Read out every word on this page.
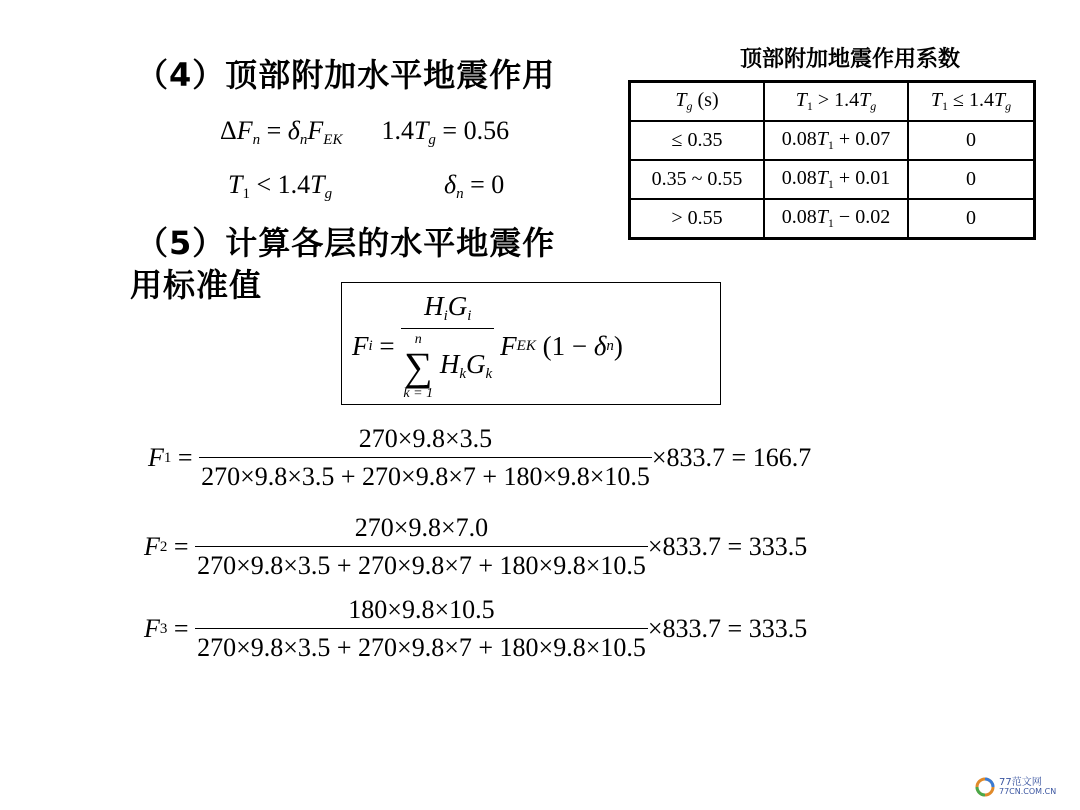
（4）顶部附加水平地震作用
$\Delta F_n = \delta_nF_{EK}$ $1.4T_g = 0.56$
$T_1 < 1.4T_g$	$\delta_n = 0$
（5）计算各层的水平地震作
用标准值
顶部附加地震作用系数
$T_g$ (s)	$T_1 > 1.4T_g$	$T_1 \le 1.4T_g$
≤ 0.35	$0.08T_1 + 0.07$	0
0.35 ~ 0.55	$0.08T_1 + 0.01$	0
> 0.55	$0.08T_1 - 0.02$	0
F $i = H_iG_i$
n
∑
k = 1
$H_kG_k$ F EK (1 − δ n )
F $1 = \frac{270\times 9.8\times 3.5}{270\times 9.8\times 3.5 + 270\times 9.8\times 7 + 180\times 9.8\times 10.5} \times 833.7 = 166.7$
F $2 = \frac{270\times 9.8\times 7.0}{270\times 9.8\times 3.5 + 270\times 9.8\times 7 + 180\times 9.8\times 10.5} \times 833.7 = 333.5$
F $3 = \frac{180\times 9.8\times 10.5}{270\times 9.8\times 3.5 + 270\times 9.8\times 7 + 180\times 9.8\times 10.5} \times 833.7 = 333.5$
77范文网
77CN.COM.CN
